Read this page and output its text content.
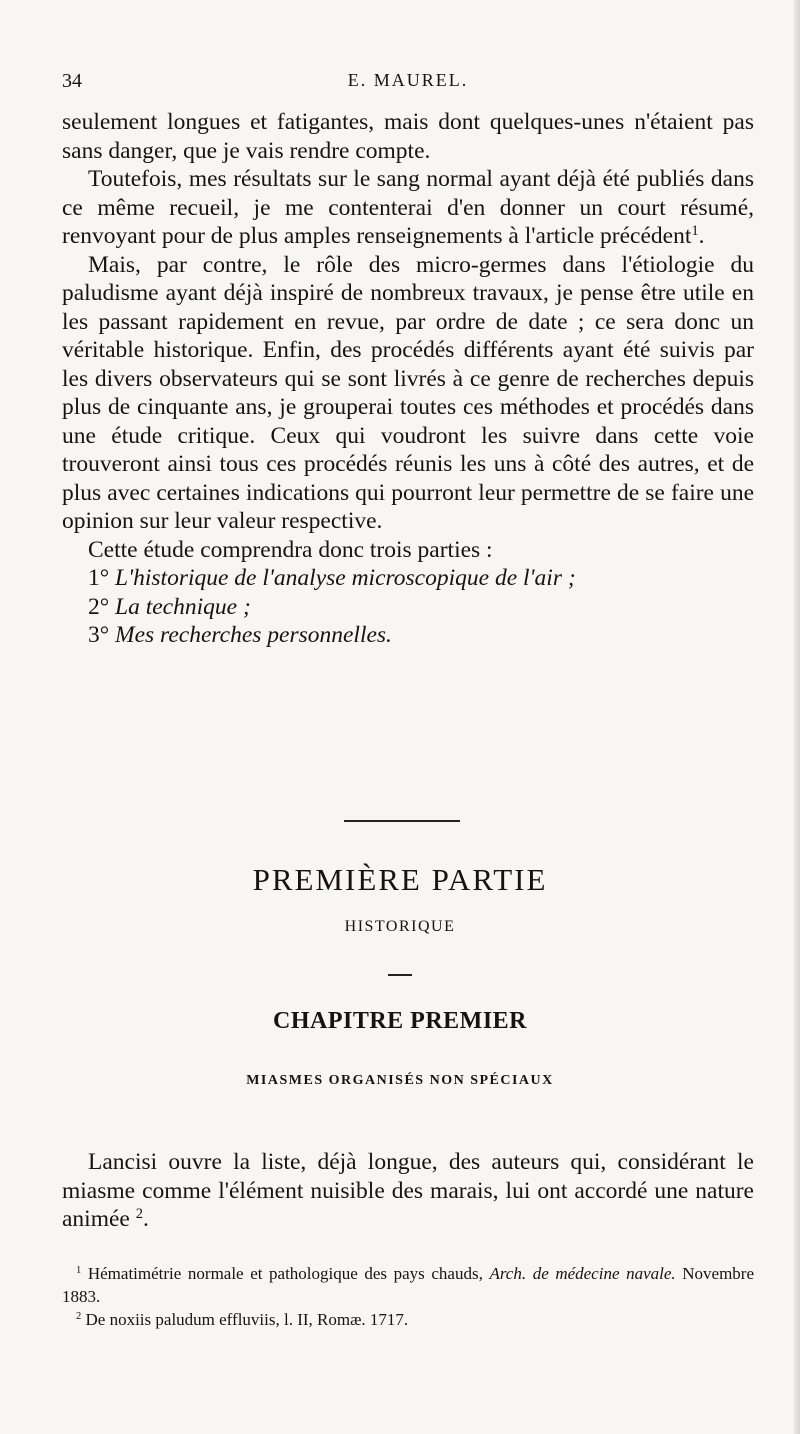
34	E. MAUREL.

seulement longues et fatigantes, mais dont quelques-unes n'étaient pas sans danger, que je vais rendre compte.

Toutefois, mes résultats sur le sang normal ayant déjà été publiés dans ce même recueil, je me contenterai d'en donner un court résumé, renvoyant pour de plus amples renseignements à l'article précédent$^1$.

Mais, par contre, le rôle des micro-germes dans l'étiologie du paludisme ayant déjà inspiré de nombreux travaux, je pense être utile en les passant rapidement en revue, par ordre de date ; ce sera donc un véritable historique. Enfin, des procédés différents ayant été suivis par les divers observateurs qui se sont livrés à ce genre de recherches depuis plus de cinquante ans, je grouperai toutes ces méthodes et procédés dans une étude critique. Ceux qui voudront les suivre dans cette voie trouveront ainsi tous ces procédés réunis les uns à côté des autres, et de plus avec certaines indications qui pourront leur permettre de se faire une opinion sur leur valeur respective.

Cette étude comprendra donc trois parties :

1° L'historique de l'analyse microscopique de l'air ;

2° La technique ;

3° Mes recherches personnelles.

PREMIÈRE PARTIE
HISTORIQUE
CHAPITRE PREMIER
MIASMES ORGANISÉS NON SPÉCIAUX

Lancisi ouvre la liste, déjà longue, des auteurs qui, considérant le miasme comme l'élément nuisible des marais, lui ont accordé une nature animée $^2$.

$^1$ Hématimétrie normale et pathologique des pays chauds, Arch. de médecine navale. Novembre 1883.

$^2$ De noxiis paludum effluviis, l. II, Romæ. 1717.
